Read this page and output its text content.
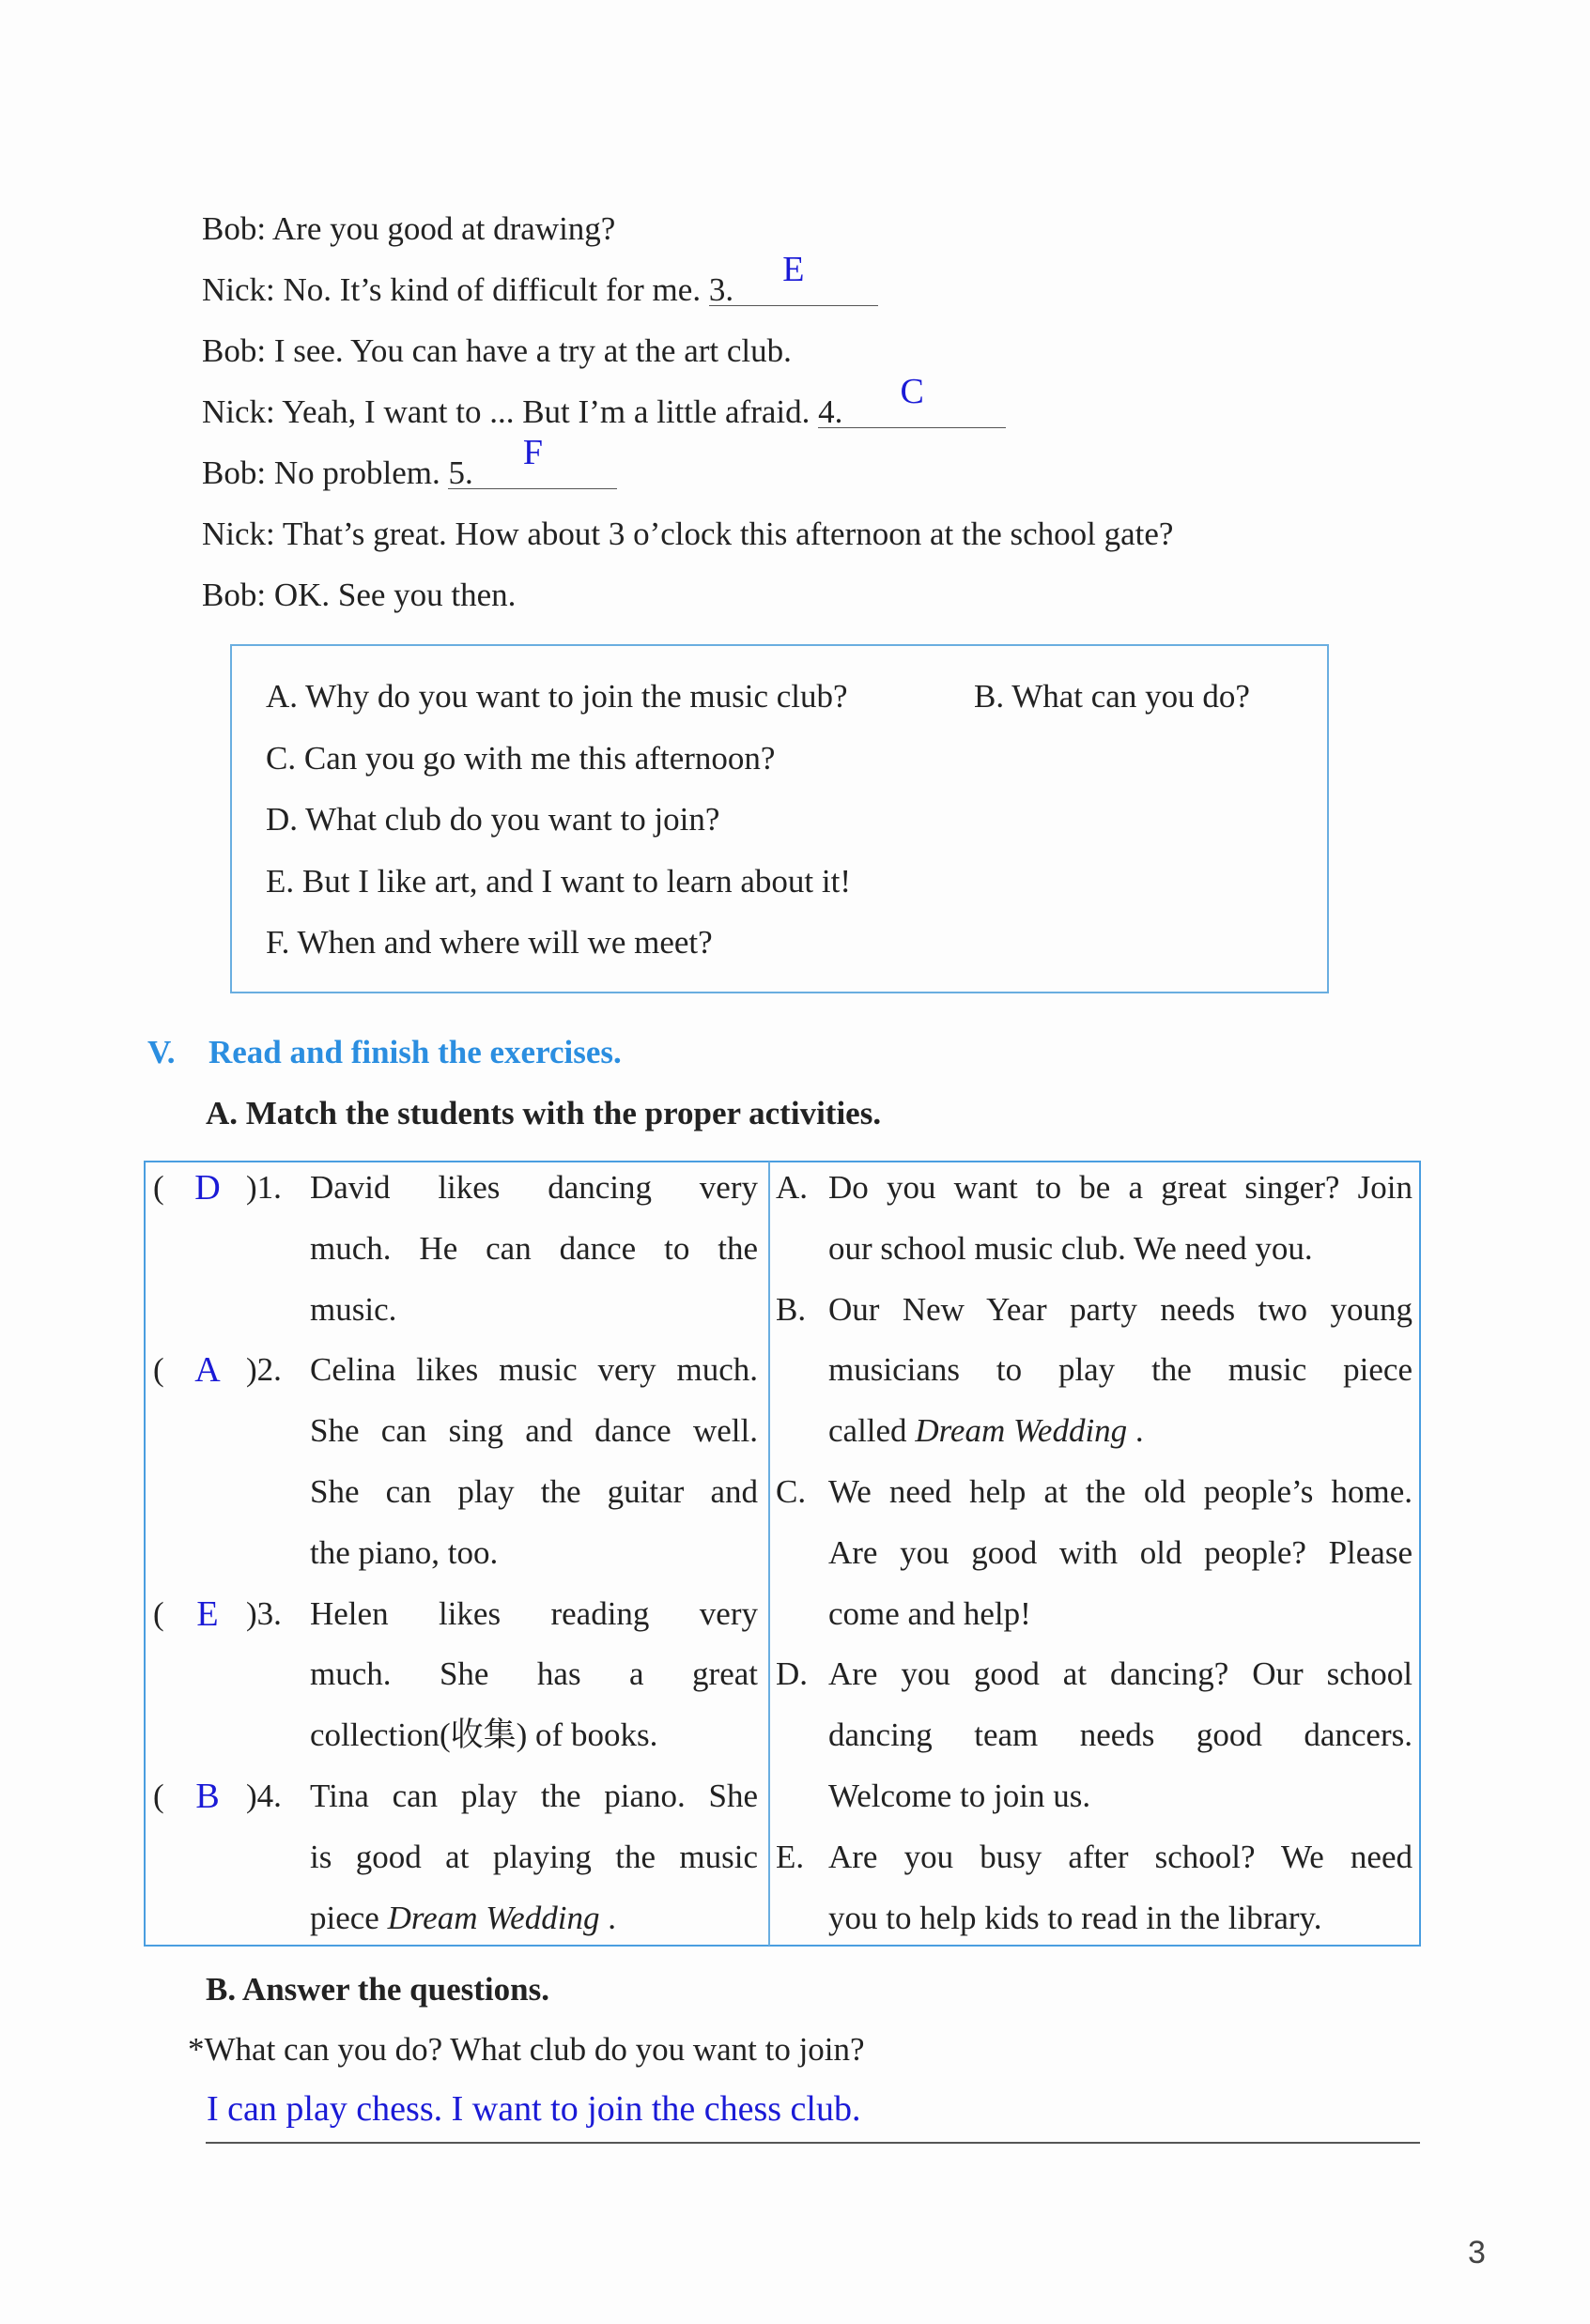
Bob: Are you good at drawing?
Nick: No. It’s kind of difficult for me. 3.
E
Bob: I see. You can have a try at the art club.
Nick: Yeah, I want to ... But I’m a little afraid. 4.
C
Bob: No problem. 5.
F
Nick: That’s great. How about 3 o’clock this afternoon at the school gate?
Bob: OK. See you then.
A. Why do you want to join the music club?	B. What can you do?
C. Can you go with me this afternoon?
D. What club do you want to join?
E. But I like art, and I want to learn about it!
F. When and where will we meet?
V. Read and finish the exercises.
A. Match the students with the proper activities.
( D )1. David likes dancing very
much. He can dance to the
music.
( A )2. Celina likes music very much.
She can sing and dance well.
She can play the guitar and
the piano, too.
( E )3. Helen likes reading very
much. She has a great
collection(收集) of books.
( B )4. Tina can play the piano. She
is good at playing the music
piece Dream Wedding .
A. Do you want to be a great singer? Join
our school music club. We need you.
B. Our New Year party needs two young
musicians to play the music piece
called Dream Wedding .
C. We need help at the old people’s home.
Are you good with old people? Please
come and help!
D. Are you good at dancing? Our school
dancing team needs good dancers.
Welcome to join us.
E. Are you busy after school? We need
you to help kids to read in the library.
B. Answer the questions.
*What can you do? What club do you want to join?
I can play chess. I want to join the chess club.
3
